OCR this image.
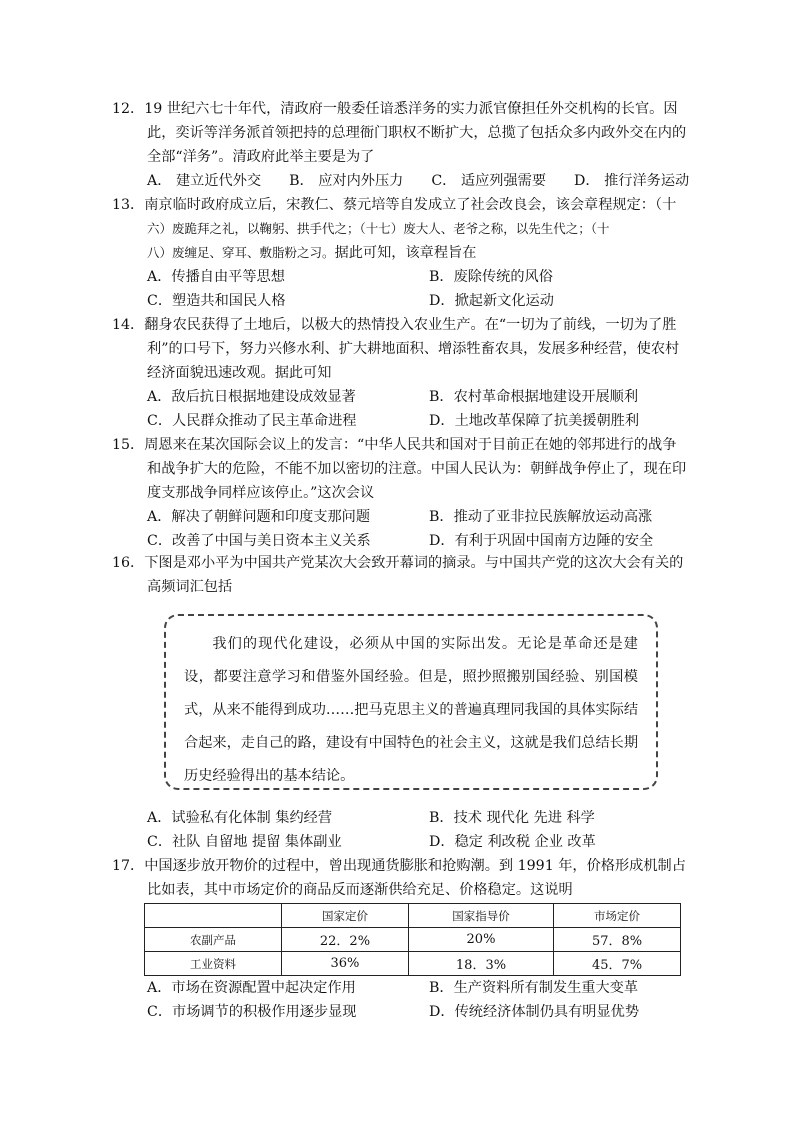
12．19 世纪六七十年代，清政府一般委任谙悉洋务的实力派官僚担任外交机构的长官。因
此，奕䜣等洋务派首领把持的总理衙门职权不断扩大，总揽了包括众多内政外交在内的
全部“洋务”。清政府此举主要是为了
A． 建立近代外交 B． 应对内外压力 C． 适应列强需要 D． 推行洋务运动
13．南京临时政府成立后，宋教仁、蔡元培等自发成立了社会改良会，该会章程规定：（十
六）废跪拜之礼，以鞠躬、拱手代之；（十七）废大人、老爷之称，以先生代之；（十
八）废缠足、穿耳、敷脂粉之习。据此可知，该章程旨在
A．传播自由平等思想	B．废除传统的风俗
C．塑造共和国民人格	D．掀起新文化运动
14．翻身农民获得了土地后，以极大的热情投入农业生产。在“一切为了前线，一切为了胜
利”的口号下，努力兴修水利、扩大耕地面积、增添牲畜农具，发展多种经营，使农村
经济面貌迅速改观。据此可知
A．敌后抗日根据地建设成效显著	B．农村革命根据地建设开展顺利
C．人民群众推动了民主革命进程	D．土地改革保障了抗美援朝胜利
15．周恩来在某次国际会议上的发言：“中华人民共和国对于目前正在她的邻邦进行的战争
和战争扩大的危险，不能不加以密切的注意。中国人民认为：朝鲜战争停止了，现在印
度支那战争同样应该停止。”这次会议
A．解决了朝鲜问题和印度支那问题	B．推动了亚非拉民族解放运动高涨
C．改善了中国与美日资本主义关系	D．有利于巩固中国南方边陲的安全
16．下图是邓小平为中国共产党某次大会致开幕词的摘录。与中国共产党的这次大会有关的
高频词汇包括

我们的现代化建设，必须从中国的实际出发。无论是革命还是建设，都要注意学习和借鉴外国经验。但是，照抄照搬别国经验、别国模式，从来不能得到成功……把马克思主义的普遍真理同我国的具体实际结合起来，走自己的路，建设有中国特色的社会主义，这就是我们总结长期历史经验得出的基本结论。

A．试验私有化体制 集约经营	B．技术 现代化 先进 科学
C．社队 自留地 提留 集体副业	D．稳定 利改税 企业 改革
17．中国逐步放开物价的过程中，曾出现通货膨胀和抢购潮。到 1991 年，价格形成机制占
比如表，其中市场定价的商品反而逐渐供给充足、价格稳定。这说明
	国家定价	国家指导价	市场定价
农副产品	22．2%	20%	57．8%
工业资料	36%	18．3%	45．7%
A．市场在资源配置中起决定作用	B．生产资料所有制发生重大变革
C．市场调节的积极作用逐步显现	D．传统经济体制仍具有明显优势
